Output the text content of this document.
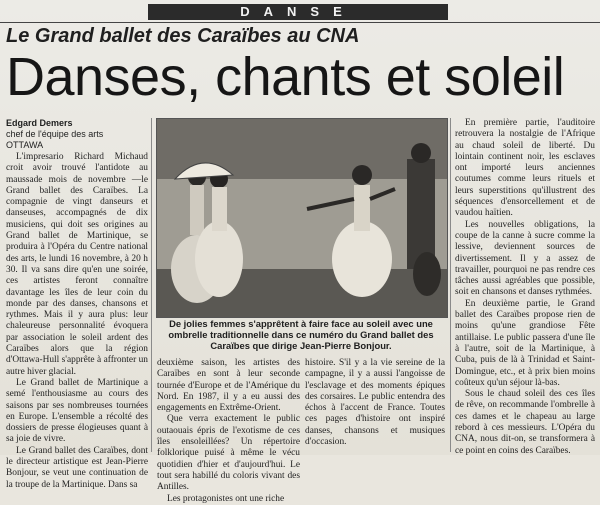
DANSE
Le Grand ballet des Caraïbes au CNA
Danses, chants et soleil
Edgard Demers
chef de l'équipe des arts
OTTAWA

L'impresario Richard Michaud croit avoir trouvé l'antidote au maussade mois de novembre —le Grand ballet des Caraïbes. La compagnie de vingt danseurs et danseuses, accompagnés de dix musiciens, qui doit ses origines au Grand ballet de Martinique, se produira à l'Opéra du Centre national des arts, le lundi 16 novembre, à 20 h 30. Il va sans dire qu'en une soirée, ces artistes feront connaître davantage les îles de leur coin du monde par des danses, chansons et rythmes. Mais il y aura plus: leur chaleureuse personnalité évoquera par association le soleil ardent des Caraïbes alors que la région d'Ottawa-Hull s'apprête à affronter un autre hiver glacial.

Le Grand ballet de Martinique a semé l'enthousiasme au cours des saisons par ses nombreuses tournées en Europe. L'ensemble a récolté des dossiers de presse élogieuses quant à sa joie de vivre.

Le Grand ballet des Caraïbes, dont le directeur artistique est Jean-Pierre Bonjour, se veut une continuation de la troupe de la Martinique. Dans sa

De jolies femmes s'apprêtent à faire face au soleil avec une ombrelle traditionnelle dans ce numéro du Grand ballet des Caraïbes que dirige Jean-Pierre Bonjour.

deuxième saison, les artistes des Caraïbes en sont à leur seconde tournée d'Europe et de l'Amérique du Nord. En 1987, il y a eu aussi des engagements en Extrême-Orient.

Que verra exactement le public outaouais épris de l'exotisme de ces îles ensoleillées? Un répertoire folklorique puisé à même le vécu quotidien d'hier et d'aujourd'hui. Le tout sera habillé du coloris vivant des Antilles.

Les protagonistes ont une riche

histoire. S'il y a la vie sereine de la campagne, il y a aussi l'angoisse de l'esclavage et des moments épiques des corsaires. Le public entendra des échos à l'accent de France. Toutes ces pages d'histoire ont inspiré danses, chansons et musiques d'occasion.

En première partie, l'auditoire retrouvera la nostalgie de l'Afrique au chaud soleil de liberté. Du lointain continent noir, les esclaves ont importé leurs anciennes coutumes comme leurs rituels et leurs superstitions qu'illustrent des séquences d'ensorcellement et de vaudou haïtien.

Les nouvelles obligations, la coupe de la canne à sucre comme la lessive, deviennent sources de divertissement. Il y a assez de travailler, pourquoi ne pas rendre ces tâches aussi agréables que possible, soit en chansons et danses rythmées.

En deuxième partie, le Grand ballet des Caraïbes propose rien de moins qu'une grandiose Fête antillaise. Le public passera d'une île à l'autre, soit de la Martinique, à Cuba, puis de là à Trinidad et Saint-Domingue, etc., et à prix bien moins coûteux qu'un séjour là-bas.

Sous le chaud soleil des ces îles de rêve, on recommande l'ombrelle à ces dames et le chapeau au large rebord à ces messieurs. L'Opéra du CNA, nous dit-on, se transformera à ce point en coins des Caraïbes.
